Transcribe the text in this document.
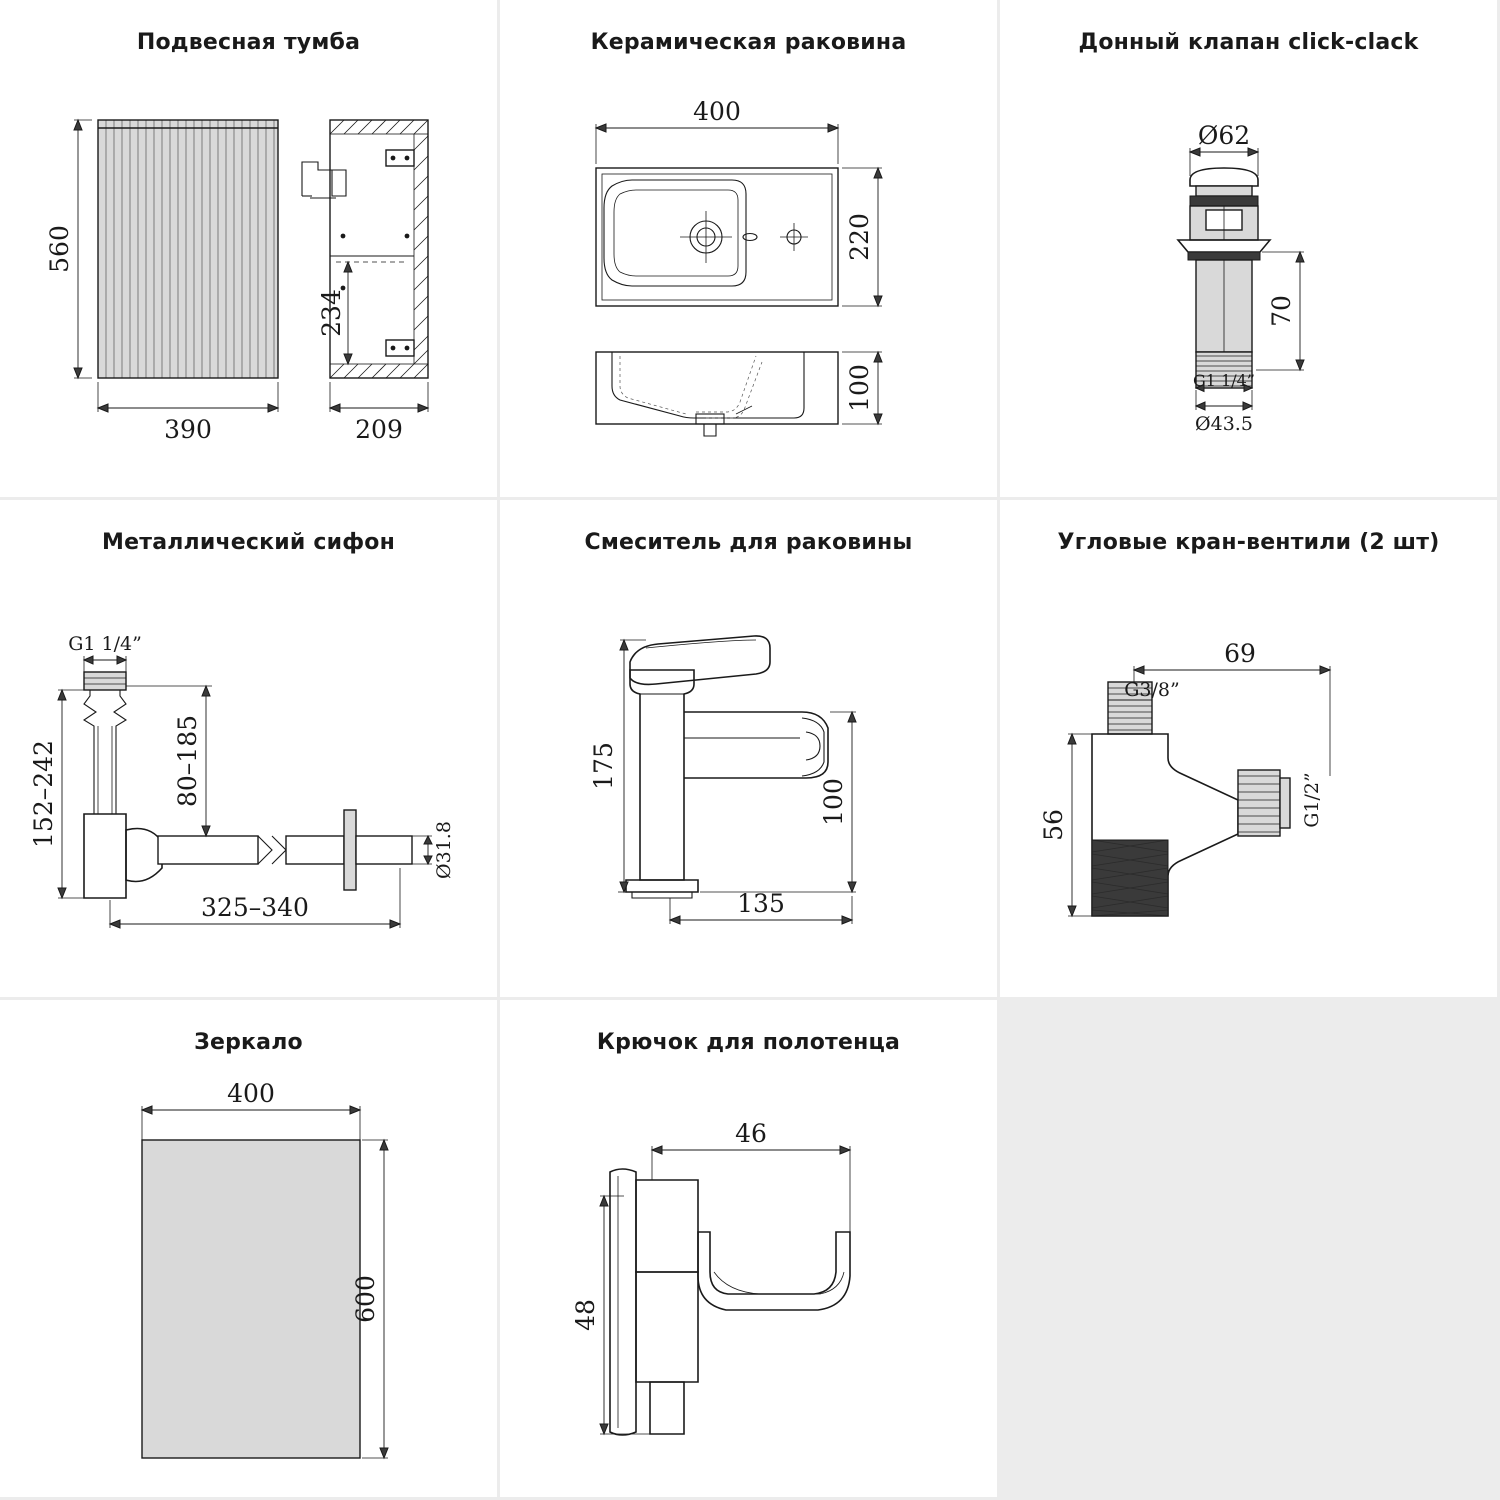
Подвесная тумба
560
390	209
234
Керамическая раковина
400
220
100
Донный клапан click-clack
Ø62
70
G1 1/4”
Ø43.5
Металлический сифон
G1 1/4”
152–242	80–185
Ø31.8
325–340
Смеситель для раковины
175
100
135
Угловые кран-вентили (2 шт)
69
G3/8”
56	G1/2”
Зеркало
400
600
Крючок для полотенца
46
48
